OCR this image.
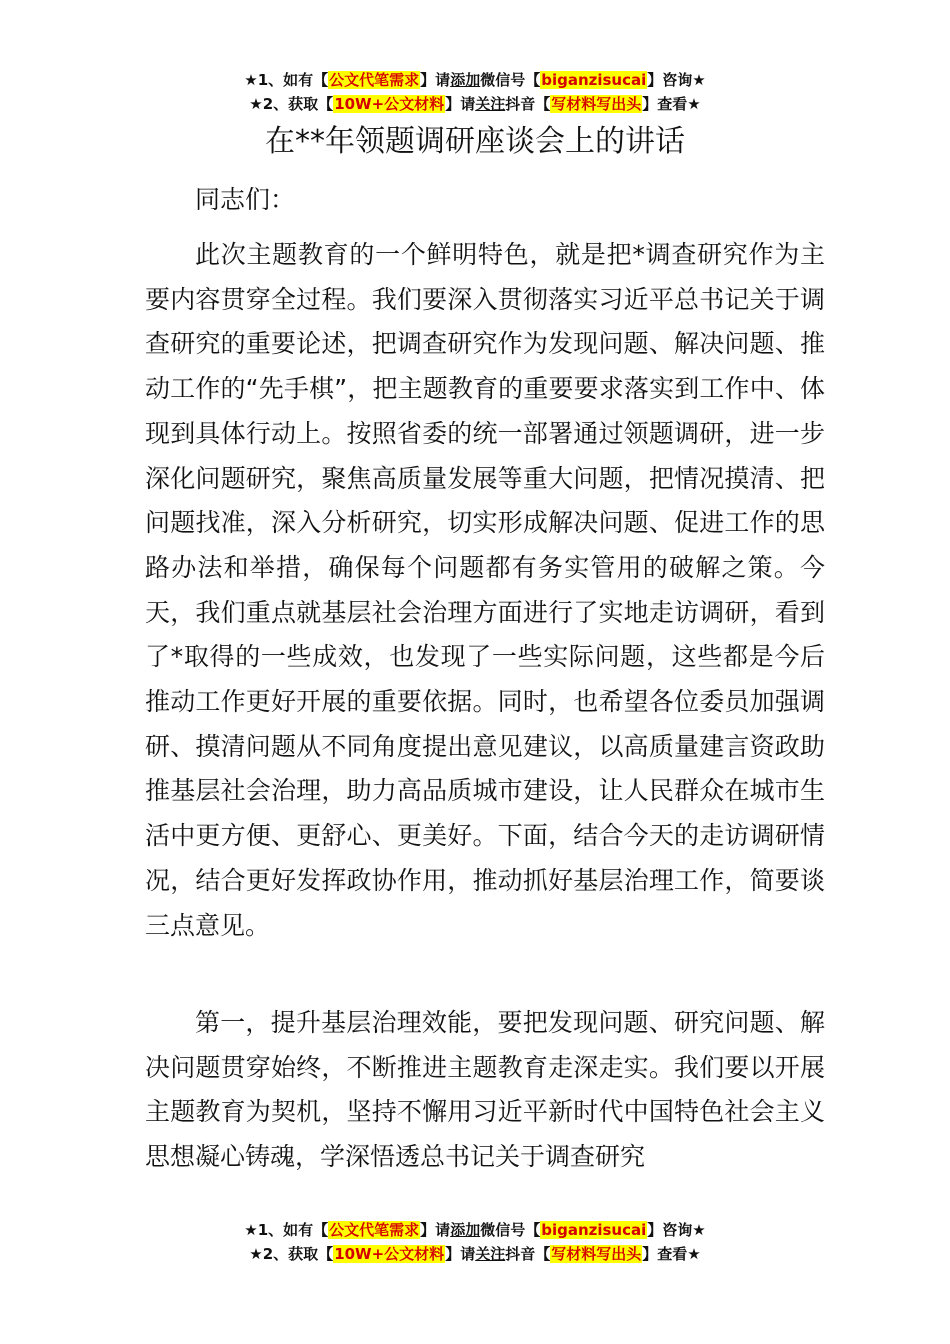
★1、如有【公文代笔需求】请添加微信号【biganzisucai】咨询★
★2、获取【10W+公文材料】请关注抖音【写材料写出头】查看★
在**年领题调研座谈会上的讲话
同志们：

此次主题教育的一个鲜明特色，就是把*调查研究作为主要内容贯穿全过程。我们要深入贯彻落实习近平总书记关于调查研究的重要论述，把调查研究作为发现问题、解决问题、推动工作的“先手棋”，把主题教育的重要要求落实到工作中、体现到具体行动上。按照省委的统一部署通过领题调研，进一步深化问题研究，聚焦高质量发展等重大问题，把情况摸清、把问题找准，深入分析研究，切实形成解决问题、促进工作的思路办法和举措，确保每个问题都有务实管用的破解之策。今天，我们重点就基层社会治理方面进行了实地走访调研，看到了*取得的一些成效，也发现了一些实际问题，这些都是今后推动工作更好开展的重要依据。同时，也希望各位委员加强调研、摸清问题从不同角度提出意见建议，以高质量建言资政助推基层社会治理，助力高品质城市建设，让人民群众在城市生活中更方便、更舒心、更美好。下面，结合今天的走访调研情况，结合更好发挥政协作用，推动抓好基层治理工作，简要谈三点意见。

第一，提升基层治理效能，要把发现问题、研究问题、解决问题贯穿始终，不断推进主题教育走深走实。我们要以开展主题教育为契机，坚持不懈用习近平新时代中国特色社会主义思想凝心铸魂，学深悟透总书记关于调查研究

★1、如有【公文代笔需求】请添加微信号【biganzisucai】咨询★
★2、获取【10W+公文材料】请关注抖音【写材料写出头】查看★
